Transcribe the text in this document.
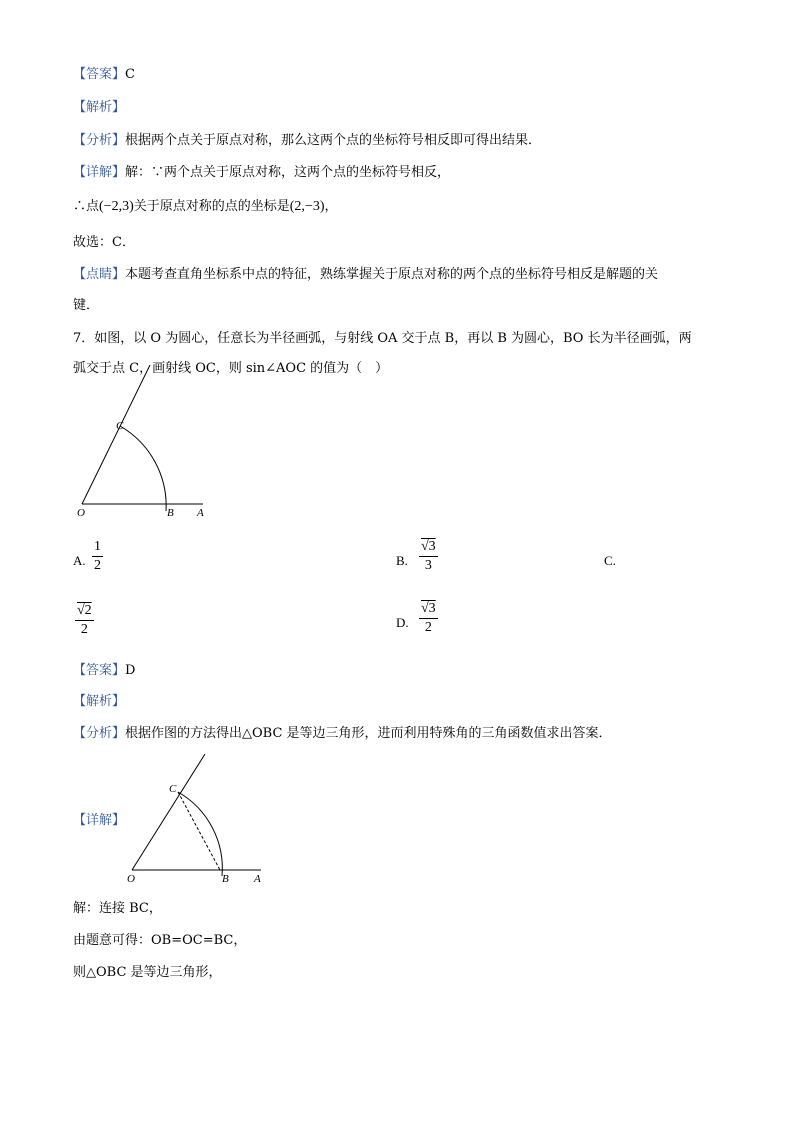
【答案】C
【解析】
【分析】根据两个点关于原点对称，那么这两个点的坐标符号相反即可得出结果．
【详解】解：∵两个点关于原点对称，这两个点的坐标符号相反，
∴点(−2,3)关于原点对称的点的坐标是(2,−3)，
故选：C．
【点睛】本题考查直角坐标系中点的特征，熟练掌握关于原点对称的两个点的坐标符号相反是解题的关
键．
7．如图，以 O 为圆心，任意长为半径画弧，与射线 OA 交于点 B，再以 B 为圆心，BO 长为半径画弧，两
弧交于点 C，画射线 OC，则 sin∠AOC 的值为（　）
O	B A
C
A. $\frac{1}{2}$	B. $\frac{√3}{3}$	C.
$\frac{√2}{2}$	D. $\frac{√3}{2}$
【答案】D
【解析】
【分析】根据作图的方法得出△OBC 是等边三角形，进而利用特殊角的三角函数值求出答案．
【详解】
O	B A
C
解：连接 BC，
由题意可得：OB=OC=BC，
则△OBC 是等边三角形，
